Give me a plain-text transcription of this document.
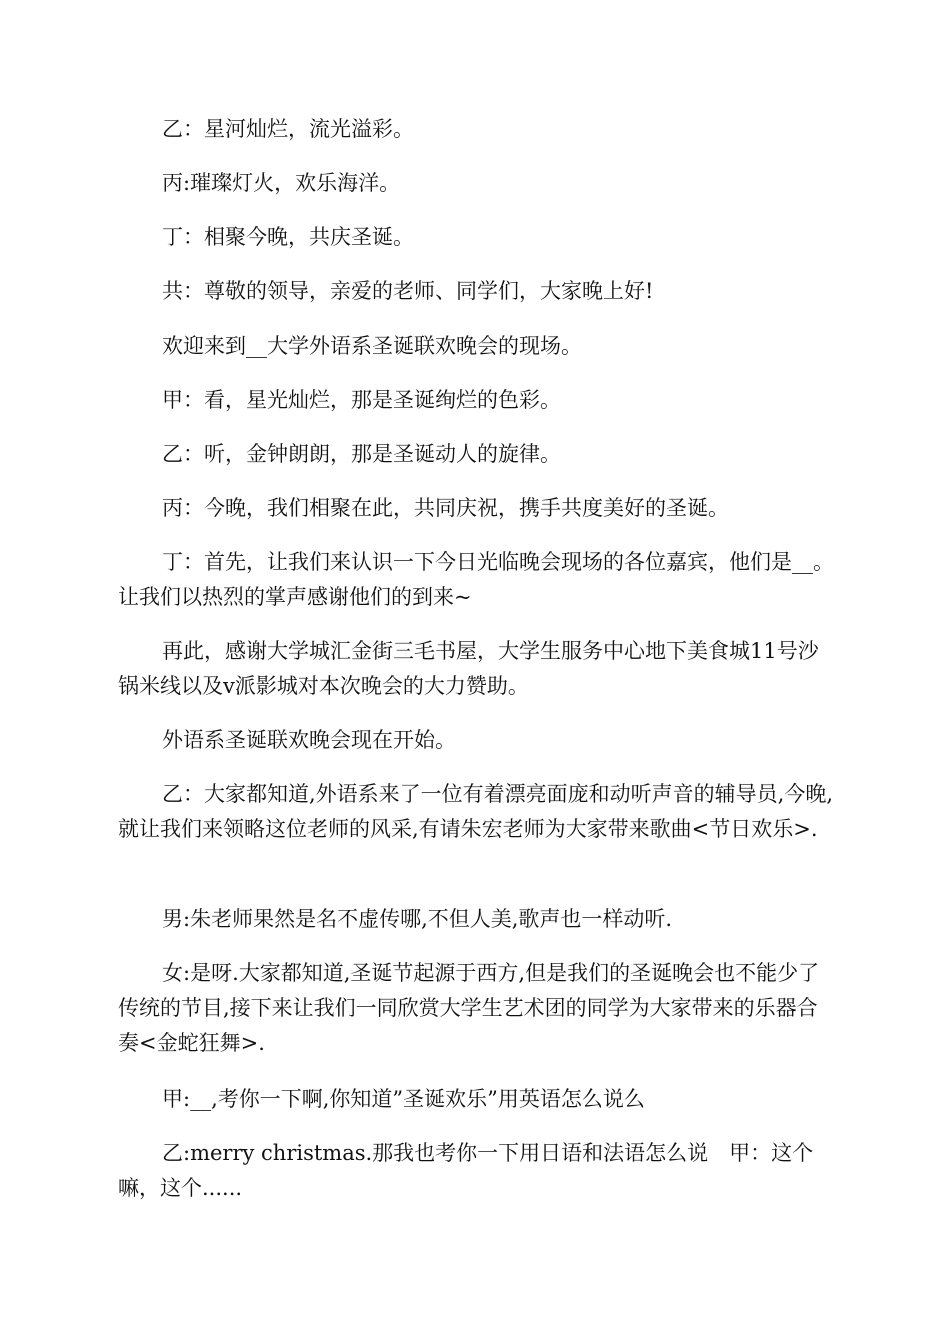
乙：星河灿烂，流光溢彩。

丙:璀璨灯火，欢乐海洋。

丁：相聚今晚，共庆圣诞。

共：尊敬的领导，亲爱的老师、同学们，大家晚上好!

欢迎来到__大学外语系圣诞联欢晚会的现场。

甲：看，星光灿烂，那是圣诞绚烂的色彩。

乙：听，金钟朗朗，那是圣诞动人的旋律。

丙：今晚，我们相聚在此，共同庆祝，携手共度美好的圣诞。

丁：首先，让我们来认识一下今日光临晚会现场的各位嘉宾，他们是__。让我们以热烈的掌声感谢他们的到来~

再此，感谢大学城汇金街三毛书屋，大学生服务中心地下美食城11号沙锅米线以及v派影城对本次晚会的大力赞助。

外语系圣诞联欢晚会现在开始。

乙：大家都知道,外语系来了一位有着漂亮面庞和动听声音的辅导员,今晚,就让我们来领略这位老师的风采,有请朱宏老师为大家带来歌曲<节日欢乐>.

男:朱老师果然是名不虚传哪,不但人美,歌声也一样动听.

女:是呀.大家都知道,圣诞节起源于西方,但是我们的圣诞晚会也不能少了传统的节目,接下来让我们一同欣赏大学生艺术团的同学为大家带来的乐器合奏<金蛇狂舞>.

甲:__,考你一下啊,你知道”圣诞欢乐”用英语怎么说么

乙:merry christmas.那我也考你一下用日语和法语怎么说　甲：这个嘛，这个......
